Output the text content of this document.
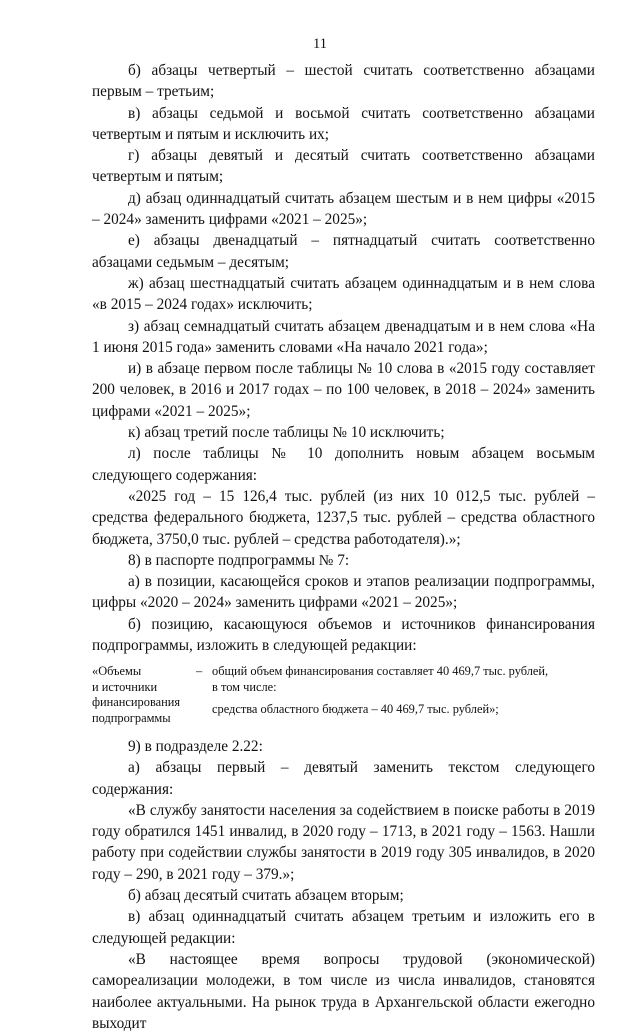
11

б) абзацы четвертый – шестой считать соответственно абзацами первым – третьим;

в) абзацы седьмой и восьмой считать соответственно абзацами четвертым и пятым и исключить их;

г) абзацы девятый и десятый считать соответственно абзацами четвертым и пятым;

д) абзац одиннадцатый считать абзацем шестым и в нем цифры «2015 – 2024» заменить цифрами «2021 – 2025»;

е) абзацы двенадцатый – пятнадцатый считать соответственно абзацами седьмым – десятым;

ж) абзац шестнадцатый считать абзацем одиннадцатым и в нем слова «в 2015 – 2024 годах» исключить;

з) абзац семнадцатый считать абзацем двенадцатым и в нем слова «На 1 июня 2015 года» заменить словами «На начало 2021 года»;

и) в абзаце первом после таблицы № 10 слова в «2015 году составляет 200 человек, в 2016 и 2017 годах – по 100 человек, в 2018 – 2024» заменить цифрами «2021 – 2025»;

к) абзац третий после таблицы № 10 исключить;

л) после таблицы № 10 дополнить новым абзацем восьмым следующего содержания:

«2025 год – 15 126,4 тыс. рублей (из них 10 012,5 тыс. рублей – средства федерального бюджета, 1237,5 тыс. рублей – средства областного бюджета, 3750,0 тыс. рублей – средства работодателя).»;

8) в паспорте подпрограммы № 7:

а) в позиции, касающейся сроков и этапов реализации подпрограммы, цифры «2020 – 2024» заменить цифрами «2021 – 2025»;

б) позицию, касающуюся объемов и источников финансирования подпрограммы, изложить в следующей редакции:

«Объемы
и источники
финансирования
подпрограммы
– общий объем финансирования составляет 40 469,7 тыс. рублей,
в том числе:
средства областного бюджета – 40 469,7 тыс. рублей»;

9) в подразделе 2.22:

а) абзацы первый – девятый заменить текстом следующего содержания:

«В службу занятости населения за содействием в поиске работы в 2019 году обратился 1451 инвалид, в 2020 году – 1713, в 2021 году – 1563. Нашли работу при содействии службы занятости в 2019 году 305 инвалидов, в 2020 году – 290, в 2021 году – 379.»;

б) абзац десятый считать абзацем вторым;

в) абзац одиннадцатый считать абзацем третьим и изложить его в следующей редакции:

«В настоящее время вопросы трудовой (экономической) самореализации молодежи, в том числе из числа инвалидов, становятся наиболее актуальными. На рынок труда в Архангельской области ежегодно выходит
